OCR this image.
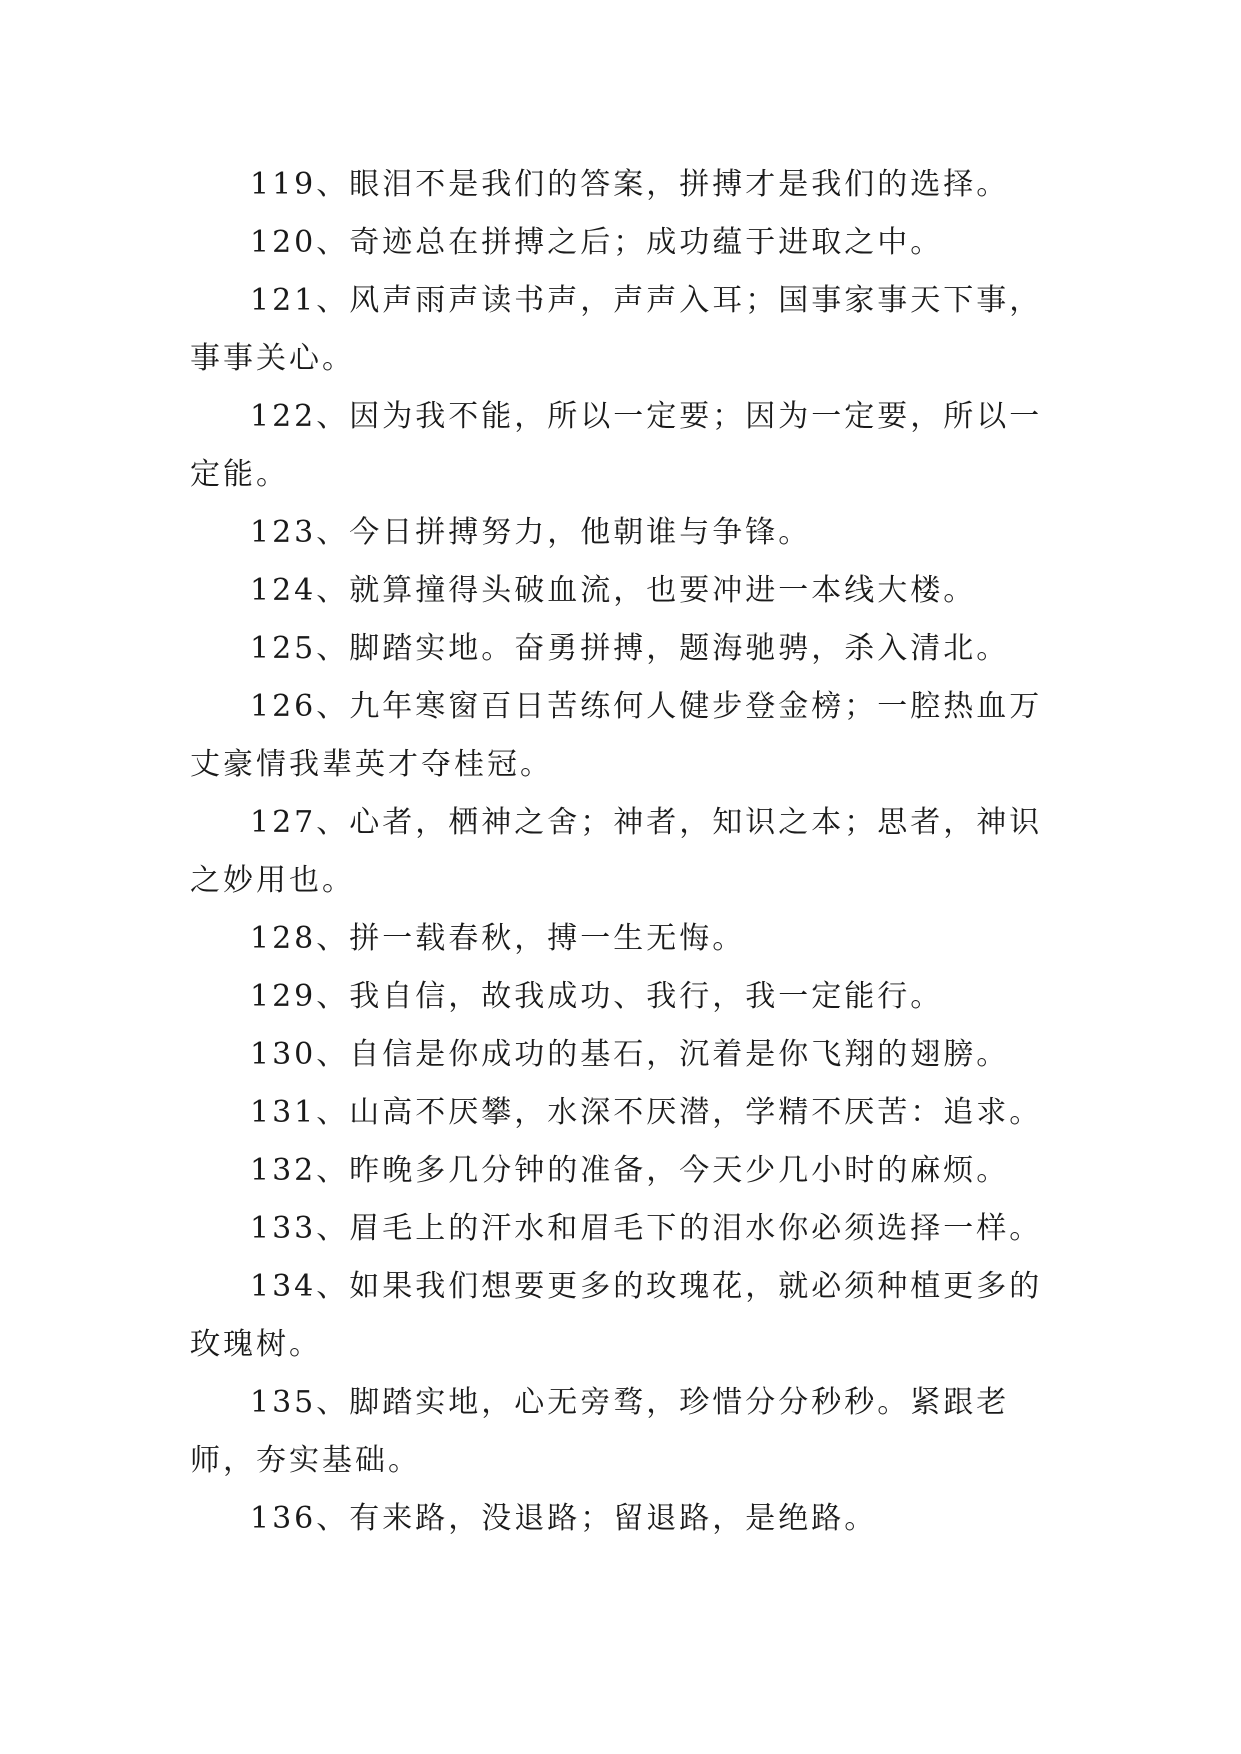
119、眼泪不是我们的答案，拼搏才是我们的选择。

120、奇迹总在拼搏之后；成功蕴于进取之中。

121、风声雨声读书声，声声入耳；国事家事天下事，事事关心。

122、因为我不能，所以一定要；因为一定要，所以一定能。

123、今日拼搏努力，他朝谁与争锋。

124、就算撞得头破血流，也要冲进一本线大楼。

125、脚踏实地。奋勇拼搏，题海驰骋，杀入清北。

126、九年寒窗百日苦练何人健步登金榜；一腔热血万丈豪情我辈英才夺桂冠。

127、心者，栖神之舍；神者，知识之本；思者，神识之妙用也。

128、拼一载春秋，搏一生无悔。

129、我自信，故我成功、我行，我一定能行。

130、自信是你成功的基石，沉着是你飞翔的翅膀。

131、山高不厌攀，水深不厌潜，学精不厌苦：追求。

132、昨晚多几分钟的准备，今天少几小时的麻烦。

133、眉毛上的汗水和眉毛下的泪水你必须选择一样。

134、如果我们想要更多的玫瑰花，就必须种植更多的玫瑰树。

135、脚踏实地，心无旁骛，珍惜分分秒秒。紧跟老师，夯实基础。

136、有来路，没退路；留退路，是绝路。
